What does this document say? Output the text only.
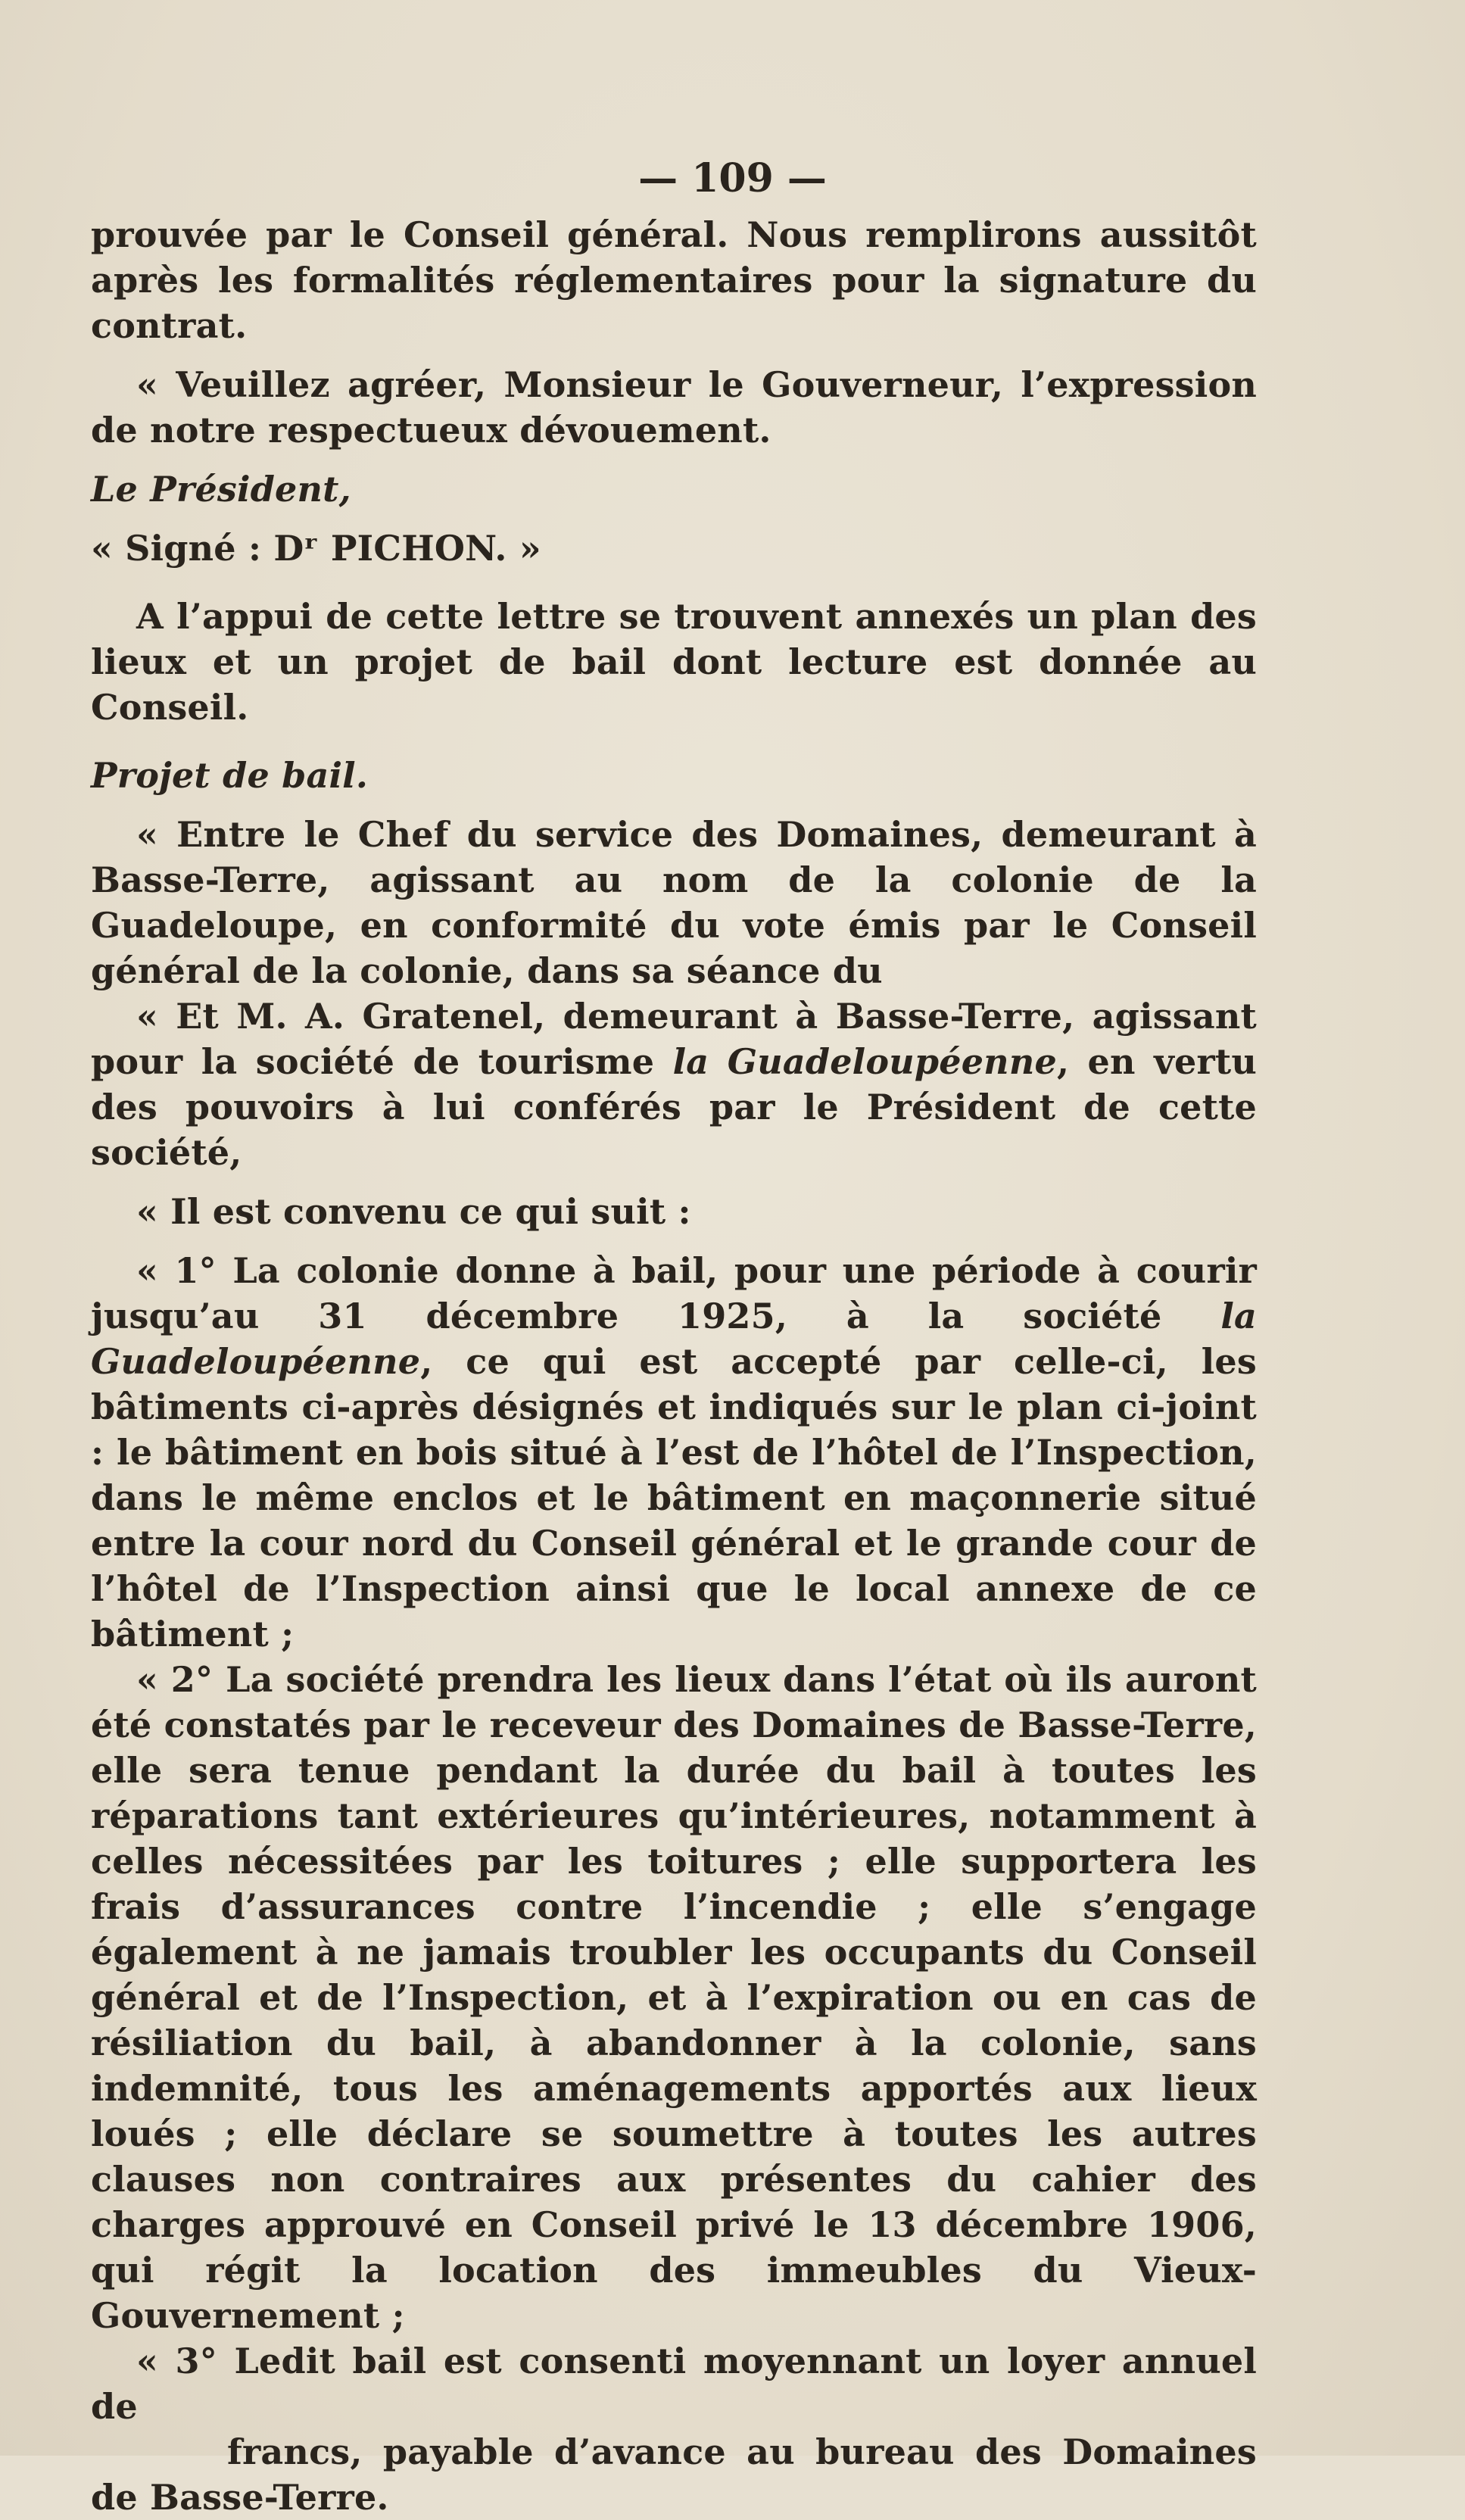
— 109 —

prouvée par le Conseil général. Nous remplirons aussitôt après les formalités réglementaires pour la signature du contrat.

« Veuillez agréer, Monsieur le Gouverneur, l’expression de notre respectueux dévouement.

Le Président,

« Signé : Dʳ PICHON. »

A l’appui de cette lettre se trouvent annexés un plan des lieux et un projet de bail dont lecture est donnée au Conseil.

Projet de bail.

« Entre le Chef du service des Domaines, demeurant à Basse-Terre, agissant au nom de la colonie de la Guadeloupe, en conformité du vote émis par le Conseil général de la colonie, dans sa séance du

« Et M. A. Gratenel, demeurant à Basse-Terre, agissant pour la société de tourisme la Guadeloupéenne, en vertu des pouvoirs à lui conférés par le Président de cette société,

« Il est convenu ce qui suit :

« 1° La colonie donne à bail, pour une période à courir jusqu’au 31 décembre 1925, à la société la Guadeloupéenne, ce qui est accepté par celle-ci, les bâtiments ci-après désignés et indiqués sur le plan ci-joint : le bâtiment en bois situé à l’est de l’hôtel de l’Inspection, dans le même enclos et le bâtiment en maçonnerie situé entre la cour nord du Conseil général et le grande cour de l’hôtel de l’Inspection ainsi que le local annexe de ce bâtiment ;

« 2° La société prendra les lieux dans l’état où ils auront été constatés par le receveur des Domaines de Basse-Terre, elle sera tenue pendant la durée du bail à toutes les réparations tant extérieures qu’intérieures, notamment à celles nécessitées par les toitures ; elle supportera les frais d’assurances contre l’incendie ; elle s’engage également à ne jamais troubler les occupants du Conseil général et de l’Inspection, et à l’expiration ou en cas de résiliation du bail, à abandonner à la colonie, sans indemnité, tous les aménagements apportés aux lieux loués ; elle déclare se soumettre à toutes les autres clauses non contraires aux présentes du cahier des charges approuvé en Conseil privé le 13 décembre 1906, qui régit la location des immeubles du Vieux-Gouvernement ;

« 3° Ledit bail est consenti moyennant un loyer annuel de
francs, payable d’avance au bureau des Domaines de Basse-Terre.
